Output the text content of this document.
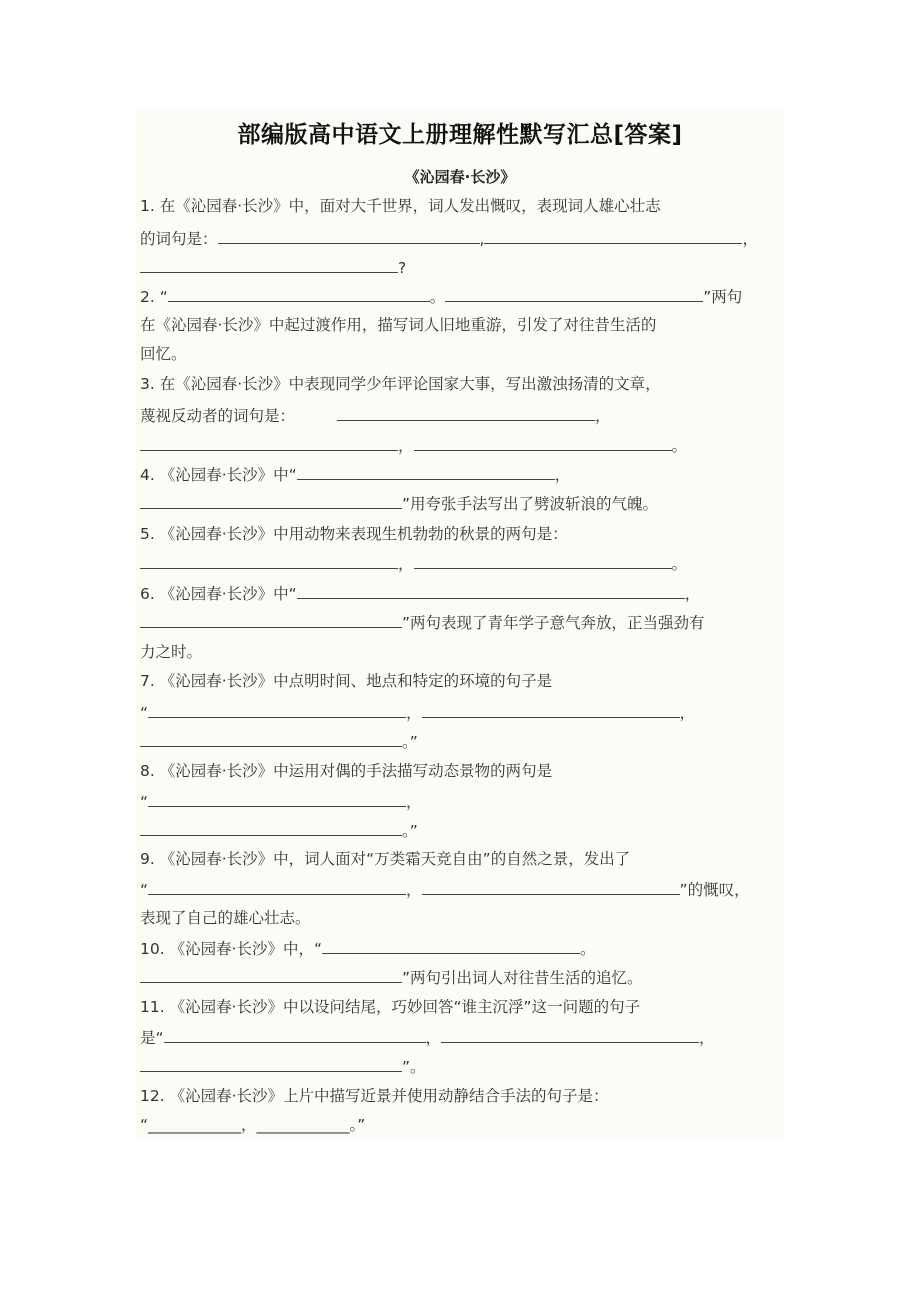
部编版高中语文上册理解性默写汇总[答案]
《沁园春·长沙》
1. 在《沁园春·长沙》中，面对大千世界，词人发出慨叹，表现词人雄心壮志
的词句是：	,	，
?
2. “	。	”两句
在《沁园春·长沙》中起过渡作用，描写词人旧地重游，引发了对往昔生活的
回忆。
3. 在《沁园春·长沙》中表现同学少年评论国家大事，写出激浊扬清的文章，
蔑视反动者的词句是：	，
，	。
4. 《沁园春·长沙》中“	，
”用夸张手法写出了劈波斩浪的气魄。
5. 《沁园春·长沙》中用动物来表现生机勃勃的秋景的两句是：
，	。
6. 《沁园春·长沙》中“	，
”两句表现了青年学子意气奔放，正当强劲有
力之时。
7. 《沁园春·长沙》中点明时间、地点和特定的环境的句子是
“	，	，
。”
8. 《沁园春·长沙》中运用对偶的手法描写动态景物的两句是
“	，
。”
9. 《沁园春·长沙》中，词人面对“万类霜天竞自由”的自然之景，发出了
“	，	”的慨叹，
表现了自己的雄心壮志。
10. 《沁园春·长沙》中，“	。
”两句引出词人对往昔生活的追忆。
11. 《沁园春·长沙》中以设问结尾，巧妙回答“谁主沉浮”这一问题的句子
是“	，	，
”。
12. 《沁园春·长沙》上片中描写近景并使用动静结合手法的句子是：
“____________，____________。”
